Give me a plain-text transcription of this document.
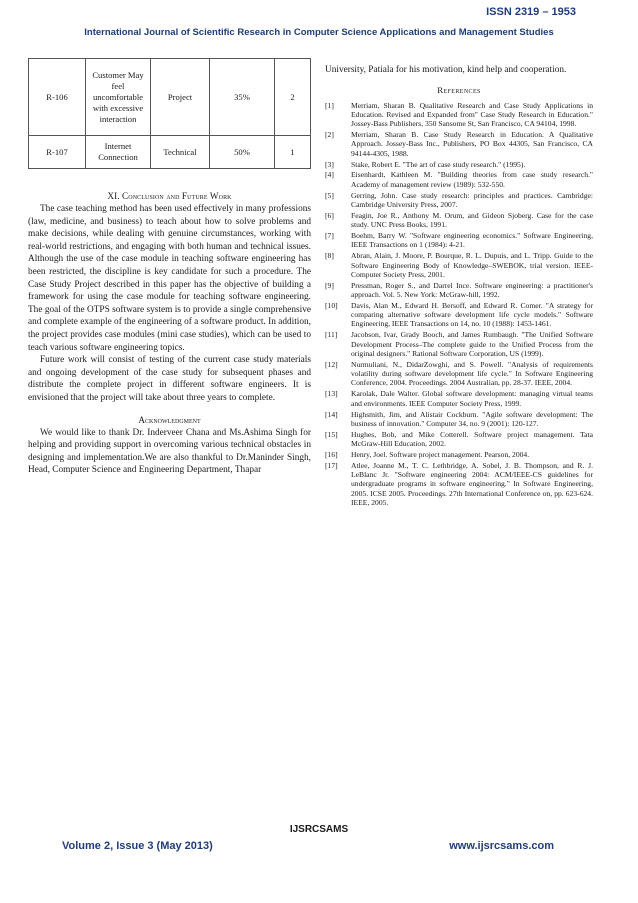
ISSN 2319 – 1953
International Journal of Scientific Research in Computer Science Applications and Management Studies
R-106	Customer May feel uncomfortable with excessive interaction	Project	35%	2
R-107	Internet Connection	Technical	50%	1
XI. Conclusion and Future Work

The case teaching method has been used effectively in many professions (law, medicine, and business) to teach about how to solve problems and make decisions, while dealing with genuine circumstances, working with real-world restrictions, and engaging with both human and technical issues. Although the use of the case module in teaching software engineering has been restricted, the discipline is key candidate for such a procedure. The Case Study Project described in this paper has the objective of building a framework for using the case module for teaching software engineering. The goal of the OTPS software system is to provide a single comprehensive and complete example of the engineering of a software product. In addition, the project provides case modules (mini case studies), which can be used to teach various software engineering topics.

Future work will consist of testing of the current case study materials and ongoing development of the case study for subsequent phases and distribute the complete project in different software engineers. It is envisioned that the project will take about three years to complete.

Acknowledgment

We would like to thank Dr. Inderveer Chana and Ms.Ashima Singh for helping and providing support in overcoming various technical obstacles in designing and implementation.We are also thankful to Dr.Maninder Singh, Head, Computer Science and Engineering Department, Thapar

University, Patiala for his motivation, kind help and cooperation.

References
[1]	Merriam, Sharan B. Qualitative Research and Case Study Applications in Education. Revised and Expanded from" Case Study Research in Education." Jossey-Bass Publishers, 350 Sansome St, San Francisco, CA 94104, 1998.
[2]	Merriam, Sharan B. Case Study Research in Education. A Qualitative Approach. Jossey-Bass Inc., Publishers, PO Box 44305, San Francisco, CA 94144-4305, 1988.
[3]	Stake, Robert E. "The art of case study research." (1995).
[4]	Eisenhardt, Kathleen M. "Building theories from case study research." Academy of management review (1989): 532-550.
[5]	Gerring, John. Case study research: principles and practices. Cambridge: Cambridge University Press, 2007.
[6]	Feagin, Joe R., Anthony M. Orum, and Gideon Sjoberg. Case for the case study. UNC Press Books, 1991.
[7]	Boehm, Barry W. "Software engineering economics." Software Engineering, IEEE Transactions on 1 (1984): 4-21.
[8]	Abran, Alain, J. Moore, P. Bourque, R. L. Dupuis, and L. Tripp. Guide to the Software Engineering Body of Knowledge–SWEBOK, trial version. IEEE-Computer Society Press, 2001.
[9]	Pressman, Roger S., and Darrel Ince. Software engineering: a practitioner's approach. Vol. 5. New York: McGraw-hill, 1992.
[10]	Davis, Alan M., Edward H. Bersoff, and Edward R. Comer. "A strategy for comparing alternative software development life cycle models." Software Engineering, IEEE Transactions on 14, no. 10 (1988): 1453-1461.
[11]	Jacobson, Ivar, Grady Booch, and James Rumbaugh. "The Unified Software Development Process–The complete guide to the Unified Process from the original designers." Rational Software Corporation, US (1999).
[12]	Nurmuliani, N., DidarZowghi, and S. Powell. "Analysis of requirements volatility during software development life cycle." In Software Engineering Conference, 2004. Proceedings. 2004 Australian, pp. 28-37. IEEE, 2004.
[13]	Karolak, Dale Walter. Global software development: managing virtual teams and environments. IEEE Computer Society Press, 1999.
[14]	Highsmith, Jim, and Alistair Cockburn. "Agile software development: The business of innovation." Computer 34, no. 9 (2001): 120-127.
[15]	Hughes, Bob, and Mike Cotterell. Software project management. Tata McGraw-Hill Education, 2002.
[16]	Henry, Joel. Software project management. Pearson, 2004.
[17]	Atlee, Joanne M., T. C. Lethbridge, A. Sobel, J. B. Thompson, and R. J. LeBlanc Jr. "Software engineering 2004: ACM/IEEE-CS guidelines for undergraduate programs in software engineering." In Software Engineering, 2005. ICSE 2005. Proceedings. 27th International Conference on, pp. 623-624. IEEE, 2005.
IJSRCSAMS
Volume 2, Issue 3 (May 2013)	www.ijsrcsams.com
